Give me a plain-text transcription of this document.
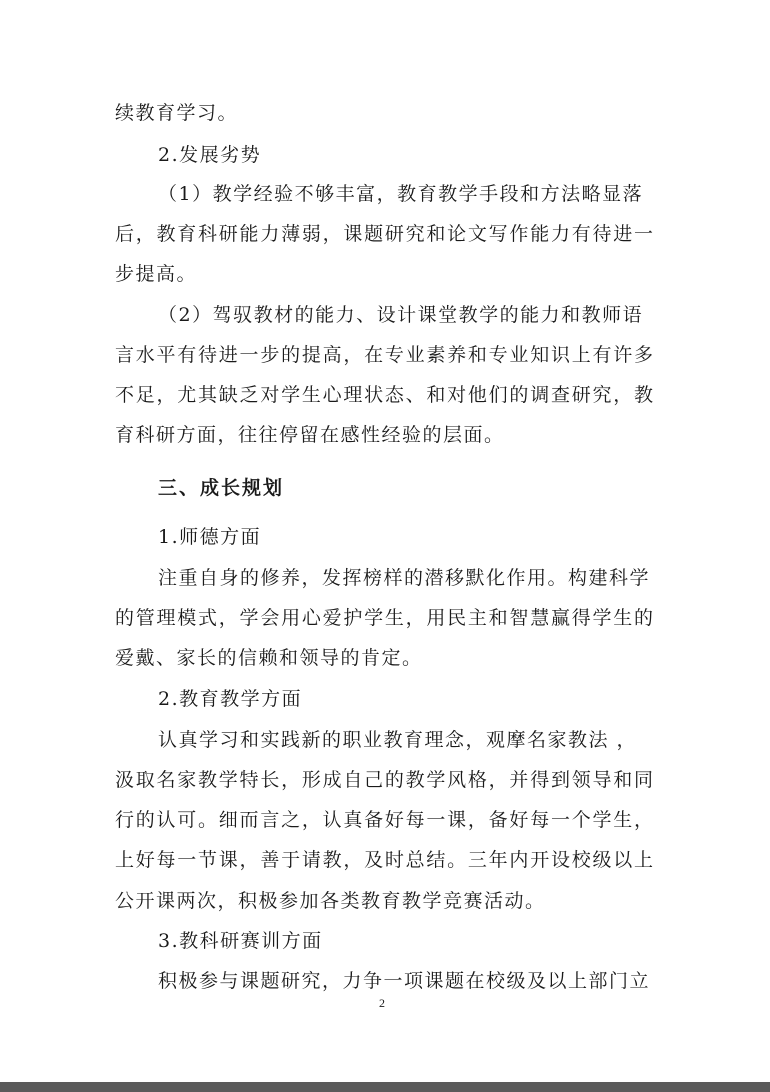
续教育学习。
2.发展劣势
（1）教学经验不够丰富，教育教学手段和方法略显落
后，教育科研能力薄弱，课题研究和论文写作能力有待进一
步提高。
（2）驾驭教材的能力、设计课堂教学的能力和教师语
言水平有待进一步的提高，在专业素养和专业知识上有许多
不足，尤其缺乏对学生心理状态、和对他们的调查研究，教
育科研方面，往往停留在感性经验的层面。
三、成长规划
1.师德方面
注重自身的修养，发挥榜样的潜移默化作用。构建科学
的管理模式，学会用心爱护学生，用民主和智慧赢得学生的
爱戴、家长的信赖和领导的肯定。
2.教育教学方面
认真学习和实践新的职业教育理念，观摩名家教法 ，
汲取名家教学特长，形成自己的教学风格，并得到领导和同
行的认可。细而言之，认真备好每一课，备好每一个学生，
上好每一节课，善于请教，及时总结。三年内开设校级以上
公开课两次，积极参加各类教育教学竞赛活动。
3.教科研赛训方面
积极参与课题研究，力争一项课题在校级及以上部门立
2
